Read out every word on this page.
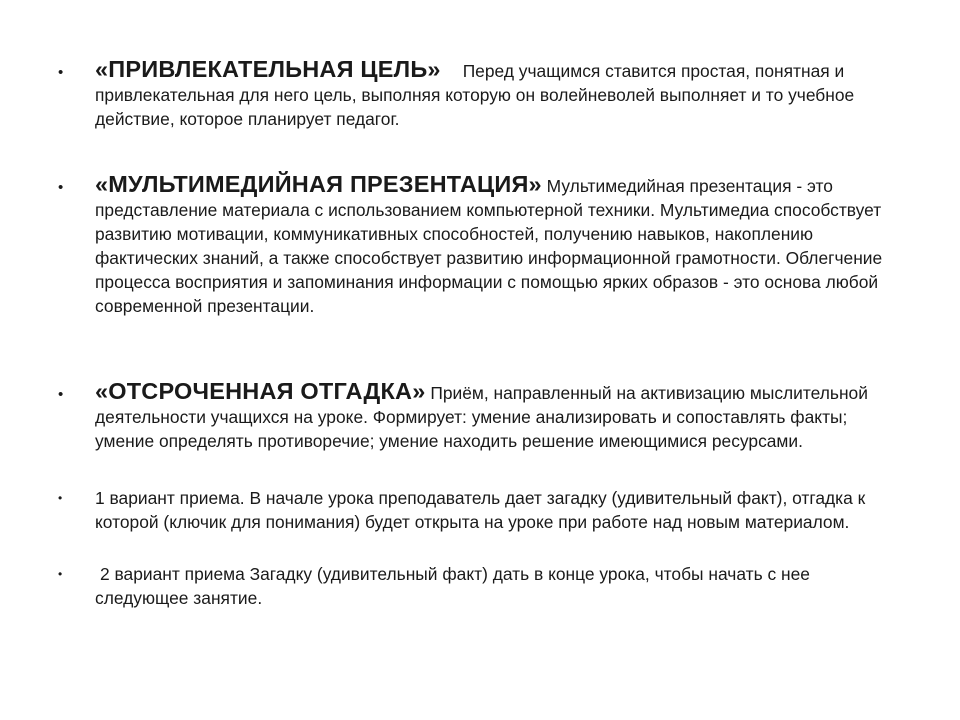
• «ПРИВЛЕКАТЕЛЬНАЯ ЦЕЛЬ» Перед учащимся ставится простая, понятная и привлекательная для него цель, выполняя которую он волейневолей выполняет и то учебное действие, которое планирует педагог.
• «МУЛЬТИМЕДИЙНАЯ ПРЕЗЕНТАЦИЯ» Мультимедийная презентация - это представление материала с использованием компьютерной техники. Мультимедиа способствует развитию мотивации, коммуникативных способностей, получению навыков, накоплению фактических знаний, а также способствует развитию информационной грамотности. Облегчение процесса восприятия и запоминания информации с помощью ярких образов - это основа любой современной презентации.
• «ОТСРОЧЕННАЯ ОТГАДКА» Приём, направленный на активизацию мыслительной деятельности учащихся на уроке. Формирует: умение анализировать и сопоставлять факты; умение определять противоречие; умение находить решение имеющимися ресурсами.
• 1 вариант приема. В начале урока преподаватель дает загадку (удивительный факт), отгадка к которой (ключик для понимания) будет открыта на уроке при работе над новым материалом.
• 2 вариант приема Загадку (удивительный факт) дать в конце урока, чтобы начать с нее следующее занятие.
